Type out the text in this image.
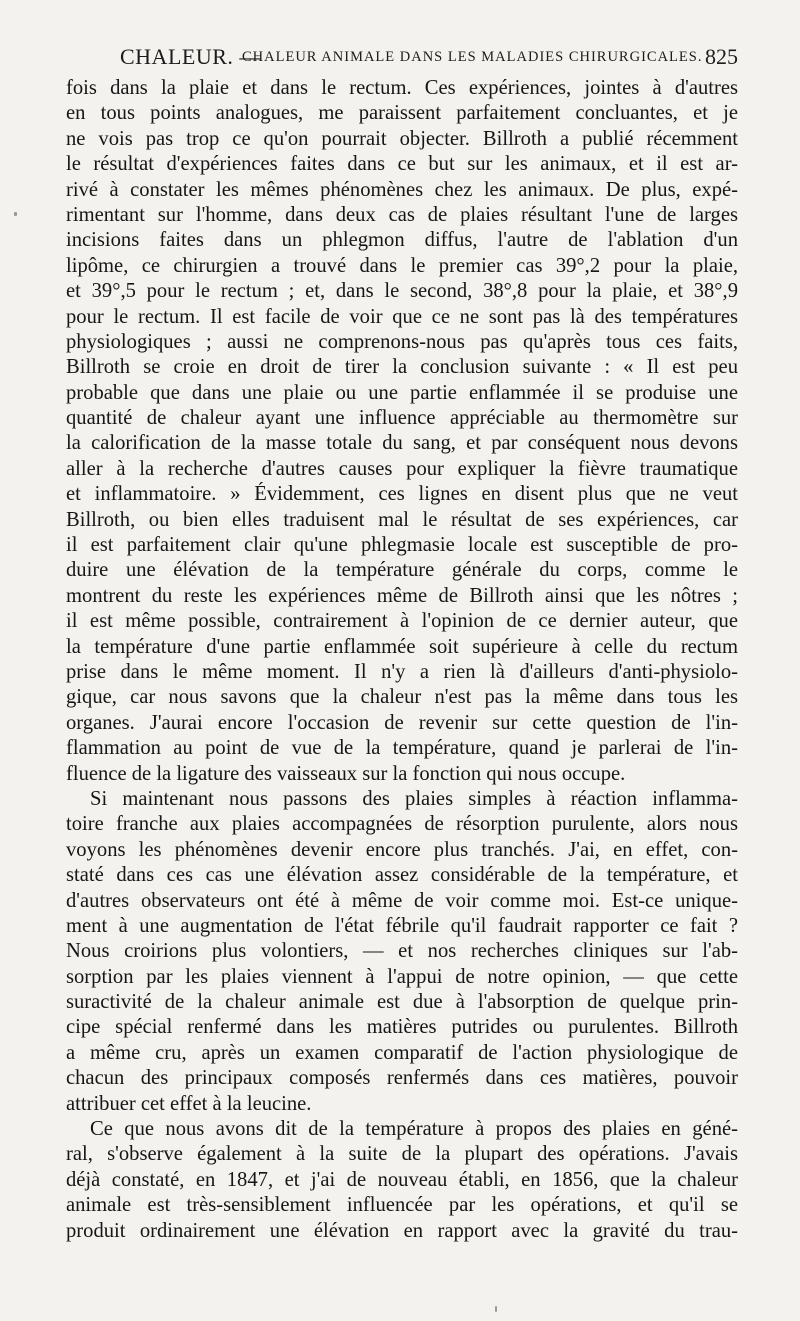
CHALEUR. —
CHALEUR ANIMALE DANS LES MALADIES CHIRURGICALES. 825
fois dans la plaie et dans le rectum. Ces expériences, jointes à d'autres
en tous points analogues, me paraissent parfaitement concluantes, et je
ne vois pas trop ce qu'on pourrait objecter. Billroth a publié récemment
le résultat d'expériences faites dans ce but sur les animaux, et il est ar-
rivé à constater les mêmes phénomènes chez les animaux. De plus, expé-
rimentant sur l'homme, dans deux cas de plaies résultant l'une de larges
incisions faites dans un phlegmon diffus, l'autre de l'ablation d'un
lipôme, ce chirurgien a trouvé dans le premier cas 39°,2 pour la plaie,
et 39°,5 pour le rectum ; et, dans le second, 38°,8 pour la plaie, et 38°,9
pour le rectum. Il est facile de voir que ce ne sont pas là des températures
physiologiques ; aussi ne comprenons-nous pas qu'après tous ces faits,
Billroth se croie en droit de tirer la conclusion suivante : « Il est peu
probable que dans une plaie ou une partie enflammée il se produise une
quantité de chaleur ayant une influence appréciable au thermomètre sur
la calorification de la masse totale du sang, et par conséquent nous devons
aller à la recherche d'autres causes pour expliquer la fièvre traumatique
et inflammatoire. » Évidemment, ces lignes en disent plus que ne veut
Billroth, ou bien elles traduisent mal le résultat de ses expériences, car
il est parfaitement clair qu'une phlegmasie locale est susceptible de pro-
duire une élévation de la température générale du corps, comme le
montrent du reste les expériences même de Billroth ainsi que les nôtres ;
il est même possible, contrairement à l'opinion de ce dernier auteur, que
la température d'une partie enflammée soit supérieure à celle du rectum
prise dans le même moment. Il n'y a rien là d'ailleurs d'anti-physiolo-
gique, car nous savons que la chaleur n'est pas la même dans tous les
organes. J'aurai encore l'occasion de revenir sur cette question de l'in-
flammation au point de vue de la température, quand je parlerai de l'in-
fluence de la ligature des vaisseaux sur la fonction qui nous occupe.
Si maintenant nous passons des plaies simples à réaction inflamma-
toire franche aux plaies accompagnées de résorption purulente, alors nous
voyons les phénomènes devenir encore plus tranchés. J'ai, en effet, con-
staté dans ces cas une élévation assez considérable de la température, et
d'autres observateurs ont été à même de voir comme moi. Est-ce unique-
ment à une augmentation de l'état fébrile qu'il faudrait rapporter ce fait ?
Nous croirions plus volontiers, — et nos recherches cliniques sur l'ab-
sorption par les plaies viennent à l'appui de notre opinion, — que cette
suractivité de la chaleur animale est due à l'absorption de quelque prin-
cipe spécial renfermé dans les matières putrides ou purulentes. Billroth
a même cru, après un examen comparatif de l'action physiologique de
chacun des principaux composés renfermés dans ces matières, pouvoir
attribuer cet effet à la leucine.
Ce que nous avons dit de la température à propos des plaies en géné-
ral, s'observe également à la suite de la plupart des opérations. J'avais
déjà constaté, en 1847, et j'ai de nouveau établi, en 1856, que la chaleur
animale est très-sensiblement influencée par les opérations, et qu'il se
produit ordinairement une élévation en rapport avec la gravité du trau-
